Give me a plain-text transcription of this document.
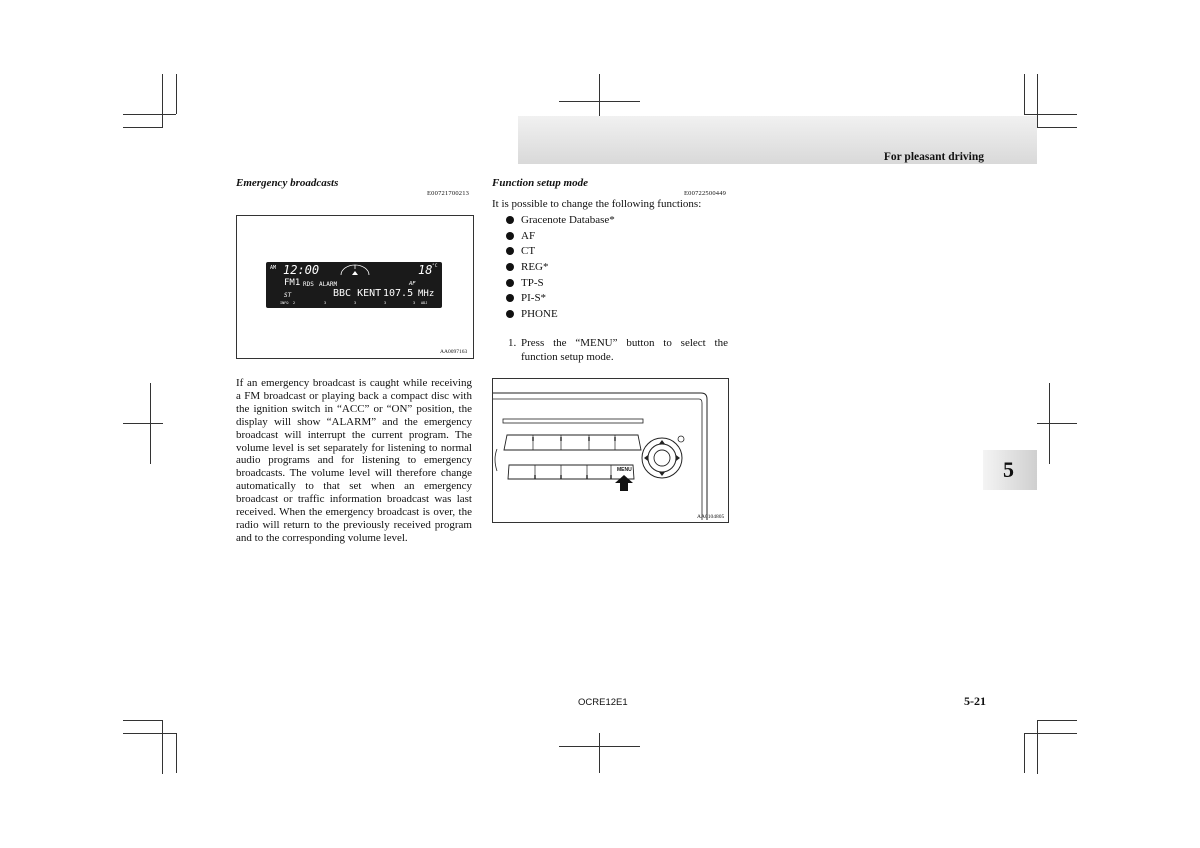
For pleasant driving
5
Emergency broadcasts
E00721700213
AM 12:00	18 °C
FM1 RDS ALARM	AF
ST	BBC KENT 107.5 MHz
INFO 2	3	3	3	3 ADJ
AA0097163
If an emergency broadcast is caught while receiving a FM broadcast or playing back a compact disc with the ignition switch in “ACC” or “ON” position, the display will show “ALARM” and the emergency broadcast will interrupt the current program. The volume level is set separately for listening to normal audio programs and for listening to emergency broadcasts. The volume level will therefore change automatically to that set when an emergency broadcast or traffic information broadcast was last received. When the emergency broadcast is over, the radio will return to the previously received program and to the corresponding volume level.
Function setup mode
E00722500449
It is possible to change the following functions:
Gracenote Database*
AF
CT
REG*
TP-S
PI-S*
PHONE
1. Press the “MENU” button to select the function setup mode.
MENU
AA0104805
OCRE12E1	5-21
